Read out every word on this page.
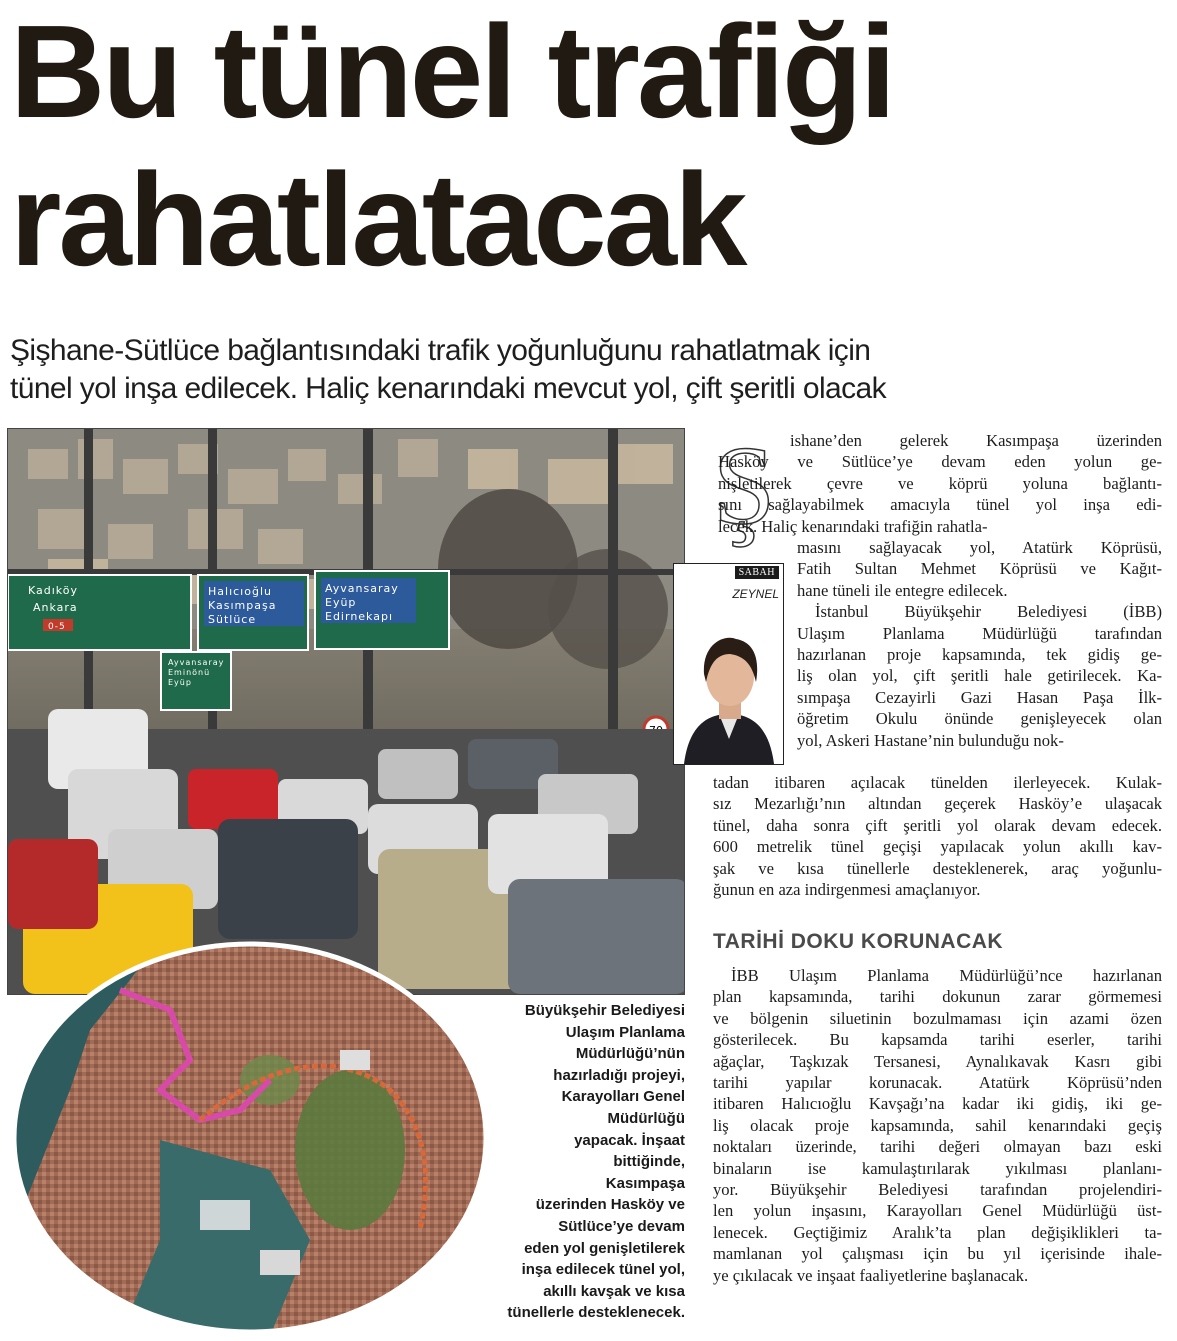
Bu tünel trafiği
rahatlatacak
Şişhane-Sütlüce bağlantısındaki trafik yoğunluğunu rahatlatmak için
tünel yol inşa edilecek. Haliç kenarındaki mevcut yol, çift şeritli olacak
Kadıköy
Ankara
0-5
Halıcıoğlu
Kasımpaşa
Sütlüce
Ayvansaray
Eyüp
Edirnekapı
Ayvansaray
Eminönü
Eyüp
Büyükşehir Belediyesi
Ulaşım Planlama
Müdürlüğü’nün
hazırladığı projeyi,
Karayolları Genel
Müdürlüğü
yapacak. İnşaat
bittiğinde,
Kasımpaşa
üzerinden Hasköy ve
Sütlüce’ye devam
eden yol genişletilerek
inşa edilecek tünel yol,
akıllı kavşak ve kısa
tünellerle desteklenecek.
SABAH
ZEYNEL
Ş ishane’den gelerek Kasımpaşa üzerinden
Hasköy ve Sütlüce’ye devam eden yolun ge-
nişletilerek çevre ve köprü yoluna bağlantı-
sını sağlayabilmek amacıyla tünel yol inşa edi-
lecek. Haliç kenarındaki trafiğin rahatla-
masını sağlayacak yol, Atatürk Köprüsü,
Fatih Sultan Mehmet Köprüsü ve Kağıt-
hane tüneli ile entegre edilecek.
İstanbul Büyükşehir Belediyesi (İBB)
Ulaşım Planlama Müdürlüğü tarafından
hazırlanan proje kapsamında, tek gidiş ge-
liş olan yol, çift şeritli hale getirilecek. Ka-
sımpaşa Cezayirli Gazi Hasan Paşa İlk-
öğretim Okulu önünde genişleyecek olan
yol, Askeri Hastane’nin bulunduğu nok-
tadan itibaren açılacak tünelden ilerleyecek. Kulak-
sız Mezarlığı’nın altından geçerek Hasköy’e ulaşacak
tünel, daha sonra çift şeritli yol olarak devam edecek.
600 metrelik tünel geçişi yapılacak yolun akıllı kav-
şak ve kısa tünellerle desteklenerek, araç yoğunlu-
ğunun en aza indirgenmesi amaçlanıyor.
TARİHİ DOKU KORUNACAK
İBB Ulaşım Planlama Müdürlüğü’nce hazırlanan
plan kapsamında, tarihi dokunun zarar görmemesi
ve bölgenin siluetinin bozulmaması için azami özen
gösterilecek. Bu kapsamda tarihi eserler, tarihi
ağaçlar, Taşkızak Tersanesi, Aynalıkavak Kasrı gibi
tarihi yapılar korunacak. Atatürk Köprüsü’nden
itibaren Halıcıoğlu Kavşağı’na kadar iki gidiş, iki ge-
liş olacak proje kapsamında, sahil kenarındaki geçiş
noktaları üzerinde, tarihi değeri olmayan bazı eski
binaların ise kamulaştırılarak yıkılması planlanı-
yor. Büyükşehir Belediyesi tarafından projelendiri-
len yolun inşasını, Karayolları Genel Müdürlüğü üst-
lenecek. Geçtiğimiz Aralık’ta plan değişiklikleri ta-
mamlanan yol çalışması için bu yıl içerisinde ihale-
ye çıkılacak ve inşaat faaliyetlerine başlanacak.
